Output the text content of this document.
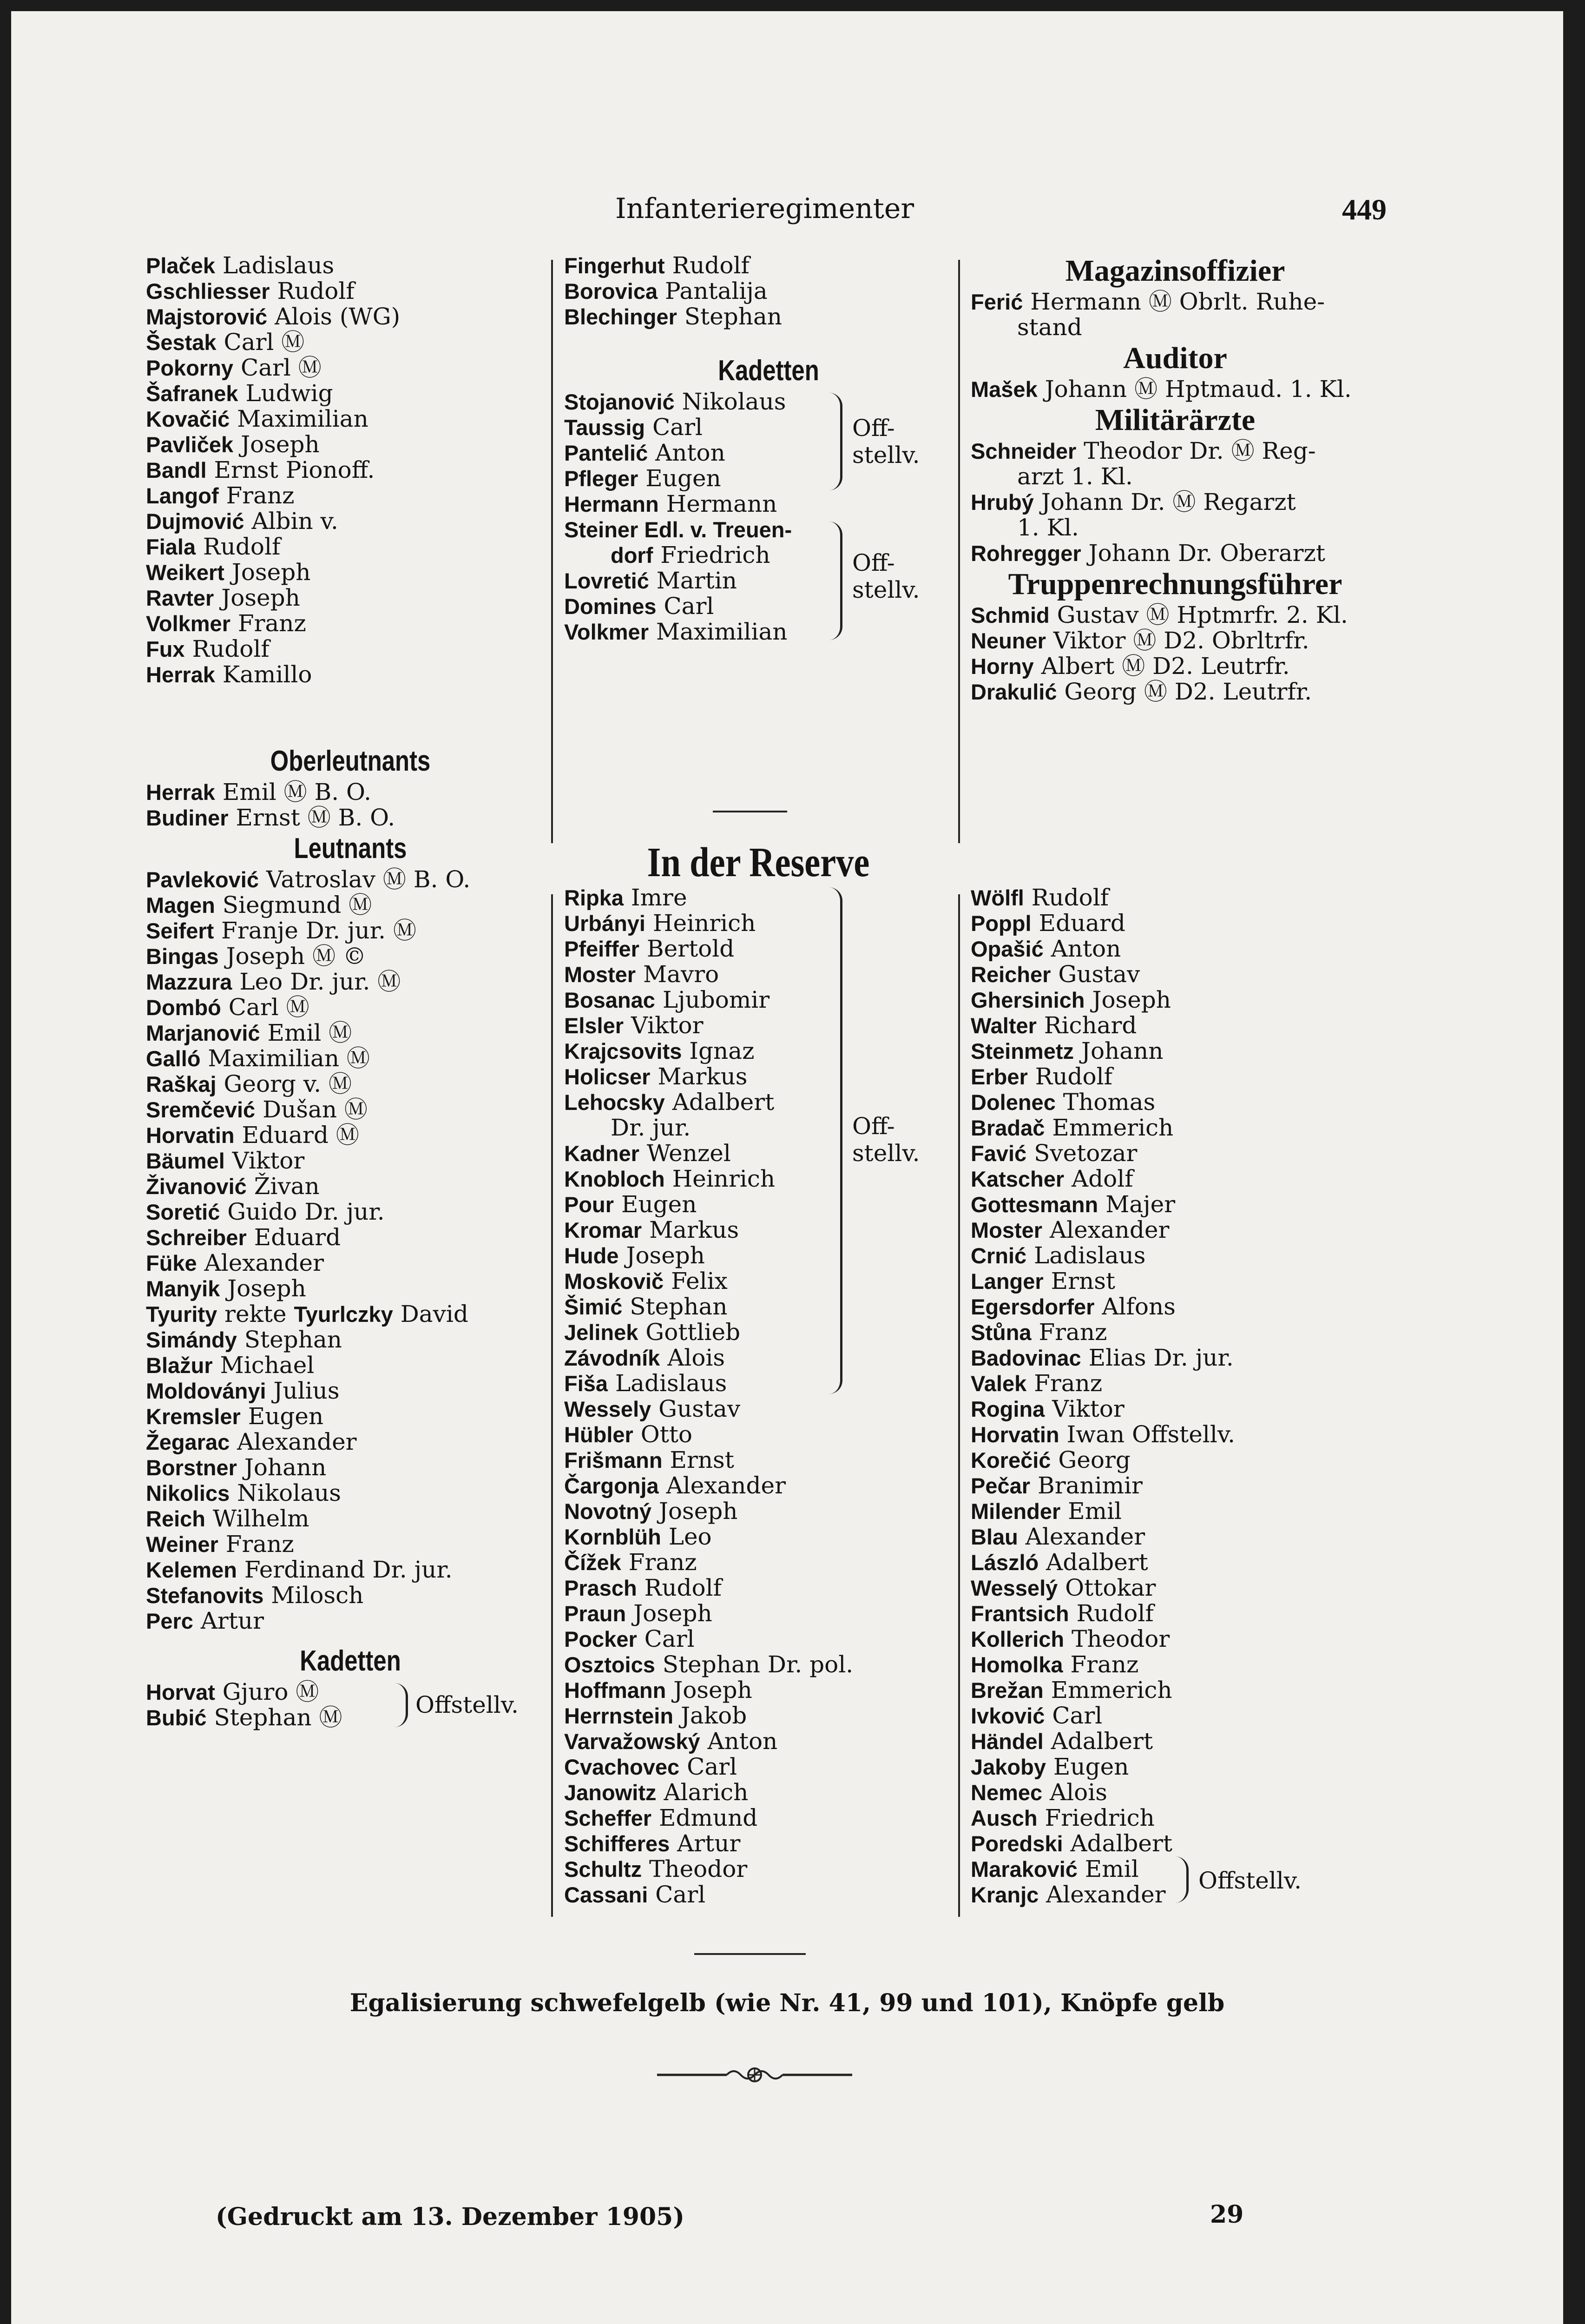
Infanterieregimenter	449
Plaček Ladislaus
Gschliesser Rudolf
Majstorović Alois (WG)
Šestak Carl Ⓜ
Pokorny Carl Ⓜ
Šafranek Ludwig
Kovačić Maximilian
Pavliček Joseph
Bandl Ernst Pionoff.
Langof Franz
Dujmović Albin v.
Fiala Rudolf
Weikert Joseph
Ravter Joseph
Volkmer Franz
Fux Rudolf
Herrak Kamillo
Oberleutnants
Herrak Emil Ⓜ B. O.
Budiner Ernst Ⓜ B. O.
Leutnants
Pavleković Vatroslav Ⓜ B. O.
Magen Siegmund Ⓜ
Seifert Franje Dr. jur. Ⓜ
Bingas Joseph Ⓜ ©
Mazzura Leo Dr. jur. Ⓜ
Dombó Carl Ⓜ
Marjanović Emil Ⓜ
Galló Maximilian Ⓜ
Raškaj Georg v. Ⓜ
Sremčević Dušan Ⓜ
Horvatin Eduard Ⓜ
Bäumel Viktor
Živanović Živan
Soretić Guido Dr. jur.
Schreiber Eduard
Füke Alexander
Manyik Joseph
Tyurity rekte Tyurlczky David
Simándy Stephan
Blažur Michael
Moldoványi Julius
Kremsler Eugen
Žegarac Alexander
Borstner Johann
Nikolics Nikolaus
Reich Wilhelm
Weiner Franz
Kelemen Ferdinand Dr. jur.
Stefanovits Milosch
Perc Artur
Kadetten
Horvat Gjuro Ⓜ
Bubić Stephan Ⓜ	Offstellv.
Fingerhut Rudolf
Borovica Pantalija
Blechinger Stephan
Kadetten
Stojanović Nikolaus
Taussig Carl
Pantelić Anton
Pfleger Eugen
Hermann Hermann
Steiner Edl. v. Treuen-
dorf Friedrich
Lovretić Martin
Domines Carl
Volkmer Maximilian
Off-
stellv.
Off-
stellv.
Magazinsoffizier
Ferić Hermann Ⓜ Obrlt. Ruhe-
stand
Auditor
Mašek Johann Ⓜ Hptmaud. 1. Kl.
Militärärzte
Schneider Theodor Dr. Ⓜ Reg-
arzt 1. Kl.
Hrubý Johann Dr. Ⓜ Regarzt
1. Kl.
Rohregger Johann Dr. Oberarzt
Truppenrechnungsführer
Schmid Gustav Ⓜ Hptmrfr. 2. Kl.
Neuner Viktor Ⓜ D2. Obrltrfr.
Horny Albert Ⓜ D2. Leutrfr.
Drakulić Georg Ⓜ D2. Leutrfr.
In der Reserve
Ripka Imre
Urbányi Heinrich
Pfeiffer Bertold
Moster Mavro
Bosanac Ljubomir
Elsler Viktor
Krajcsovits Ignaz
Holicser Markus
Lehocsky Adalbert
Dr. jur.
Kadner Wenzel
Knobloch Heinrich
Pour Eugen
Kromar Markus
Hude Joseph
Moskovič Felix
Šimić Stephan
Jelinek Gottlieb
Závodník Alois
Fiša Ladislaus
Wessely Gustav
Hübler Otto
Frišmann Ernst
Čargonja Alexander
Novotný Joseph
Kornblüh Leo
Čížek Franz
Prasch Rudolf
Praun Joseph
Pocker Carl
Osztoics Stephan Dr. pol.
Hoffmann Joseph
Herrnstein Jakob
Varvažowský Anton
Cvachovec Carl
Janowitz Alarich
Scheffer Edmund
Schifferes Artur
Schultz Theodor
Cassani Carl
Off-
stellv.
Wölfl Rudolf
Poppl Eduard
Opašić Anton
Reicher Gustav
Ghersinich Joseph
Walter Richard
Steinmetz Johann
Erber Rudolf
Dolenec Thomas
Bradač Emmerich
Favić Svetozar
Katscher Adolf
Gottesmann Majer
Moster Alexander
Crnić Ladislaus
Langer Ernst
Egersdorfer Alfons
Stůna Franz
Badovinac Elias Dr. jur.
Valek Franz
Rogina Viktor
Horvatin Iwan Offstellv.
Korečić Georg
Pečar Branimir
Milender Emil
Blau Alexander
László Adalbert
Wesselý Ottokar
Frantsich Rudolf
Kollerich Theodor
Homolka Franz
Brežan Emmerich
Ivković Carl
Händel Adalbert
Jakoby Eugen
Nemec Alois
Ausch Friedrich
Poredski Adalbert
Maraković Emil
Kranjc Alexander
Offstellv.
Egalisierung schwefelgelb (wie Nr. 41, 99 und 101), Knöpfe gelb
(Gedruckt am 13. Dezember 1905)	29
